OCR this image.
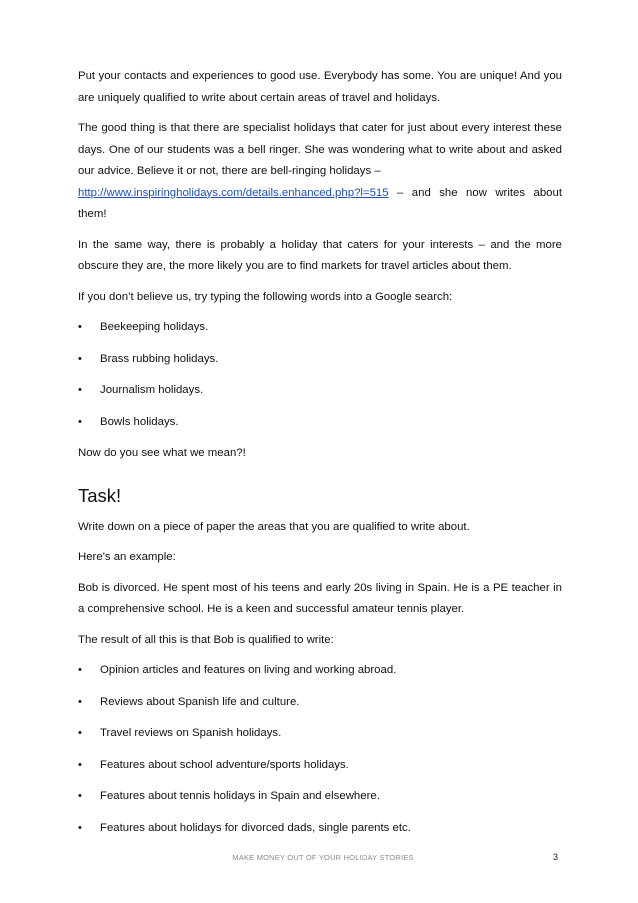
Put your contacts and experiences to good use. Everybody has some. You are unique! And you are uniquely qualified to write about certain areas of travel and holidays.

The good thing is that there are specialist holidays that cater for just about every interest these days. One of our students was a bell ringer. She was wondering what to write about and asked our advice. Believe it or not, there are bell-ringing holidays –

http://www.inspiringholidays.com/details.enhanced.php?l=515 – and she now writes about them!

In the same way, there is probably a holiday that caters for your interests – and the more obscure they are, the more likely you are to find markets for travel articles about them.

If you don’t believe us, try typing the following words into a Google search:

•	Beekeeping holidays.
•	Brass rubbing holidays.
•	Journalism holidays.
•	Bowls holidays.

Now do you see what we mean?!

Task!

Write down on a piece of paper the areas that you are qualified to write about.

Here's an example:

Bob is divorced. He spent most of his teens and early 20s living in Spain. He is a PE teacher in a comprehensive school. He is a keen and successful amateur tennis player.

The result of all this is that Bob is qualified to write:

•	Opinion articles and features on living and working abroad.
•	Reviews about Spanish life and culture.
•	Travel reviews on Spanish holidays.
•	Features about school adventure/sports holidays.
•	Features about tennis holidays in Spain and elsewhere.
•	Features about holidays for divorced dads, single parents etc.
MAKE MONEY OUT OF YOUR HOLIDAY STORIES	3
